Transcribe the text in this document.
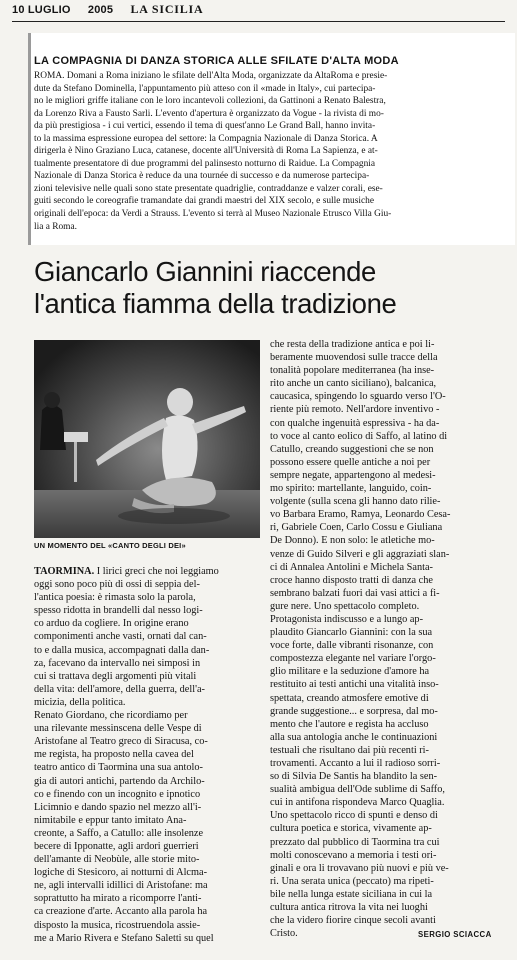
10 LUGLIO 2005 LA SICILIA
LA COMPAGNIA DI DANZA STORICA ALLE SFILATE D'ALTA MODA
ROMA. Domani a Roma iniziano le sfilate dell'Alta Moda, organizzate da AltaRoma e presie-
dute da Stefano Dominella, l'appuntamento più atteso con il «made in Italy», cui partecipa-
no le migliori griffe italiane con le loro incantevoli collezioni, da Gattinoni a Renato Balestra,
da Lorenzo Riva a Fausto Sarli. L'evento d'apertura è organizzato da Vogue - la rivista di mo-
da più prestigiosa - i cui vertici, essendo il tema di quest'anno Le Grand Ball, hanno invita-
to la massima espressione europea del settore: la Compagnia Nazionale di Danza Storica. A
dirigerla è Nino Graziano Luca, catanese, docente all'Università di Roma La Sapienza, e at-
tualmente presentatore di due programmi del palinsesto notturno di Raidue. La Compagnia
Nazionale di Danza Storica è reduce da una tournée di successo e da numerose partecipa-
zioni televisive nelle quali sono state presentate quadriglie, contraddanze e valzer corali, ese-
guiti secondo le coreografie tramandate dai grandi maestri del XIX secolo, e sulle musiche
originali dell'epoca: da Verdi a Strauss. L'evento si terrà al Museo Nazionale Etrusco Villa Giu-
lia a Roma.
Giancarlo Giannini riaccende
l'antica fiamma della tradizione
UN MOMENTO DEL «CANTO DEGLI DEI»
TAORMINA. I lirici greci che noi leggiamo
oggi sono poco più di ossi di seppia del-
l'antica poesia: è rimasta solo la parola,
spesso ridotta in brandelli dal nesso logi-
co arduo da cogliere. In origine erano
componimenti anche vasti, ornati dal can-
to e dalla musica, accompagnati dalla dan-
za, facevano da intervallo nei simposi in
cui si trattava degli argomenti più vitali
della vita: dell'amore, della guerra, dell'a-
micizia, della politica.
Renato Giordano, che ricordiamo per
una rilevante messinscena delle Vespe di
Aristofane al Teatro greco di Siracusa, co-
me regista, ha proposto nella cavea del
teatro antico di Taormina una sua antolo-
gia di autori antichi, partendo da Archilo-
co e finendo con un incognito e ipnotico
Licimnio e dando spazio nel mezzo all'i-
nimitabile e eppur tanto imitato Ana-
creonte, a Saffo, a Catullo: alle insolenze
becere di Ipponatte, agli ardori guerrieri
dell'amante di Neobùle, alle storie mito-
logiche di Stesicoro, ai notturni di Alcma-
ne, agli intervalli idillici di Aristofane: ma
soprattutto ha mirato a ricomporre l'anti-
ca creazione d'arte. Accanto alla parola ha
disposto la musica, ricostruendola assie-
me a Mario Rivera e Stefano Saletti su quel
che resta della tradizione antica e poi li-
beramente muovendosi sulle tracce della
tonalità popolare mediterranea (ha inse-
rito anche un canto siciliano), balcanica,
caucasica, spingendo lo sguardo verso l'O-
riente più remoto. Nell'ardore inventivo -
con qualche ingenuità espressiva - ha da-
to voce al canto eolico di Saffo, al latino di
Catullo, creando suggestioni che se non
possono essere quelle antiche a noi per
sempre negate, appartengono al medesi-
mo spirito: martellante, languido, coin-
volgente (sulla scena gli hanno dato rilie-
vo Barbara Eramo, Ramya, Leonardo Cesa-
ri, Gabriele Coen, Carlo Cossu e Giuliana
De Donno). E non solo: le atletiche mo-
venze di Guido Silveri e gli aggraziati slan-
ci di Annalea Antolini e Michela Santa-
croce hanno disposto tratti di danza che
sembrano balzati fuori dai vasi attici a fi-
gure nere. Uno spettacolo completo.
Protagonista indiscusso e a lungo ap-
plaudito Giancarlo Giannini: con la sua
voce forte, dalle vibranti risonanze, con
compostezza elegante nel variare l'orgo-
glio militare e la seduzione d'amore ha
restituito ai testi antichi una vitalità inso-
spettata, creando atmosfere emotive di
grande suggestione... e sorpresa, dal mo-
mento che l'autore e regista ha accluso
alla sua antologia anche le continuazioni
testuali che risultano dai più recenti ri-
trovamenti. Accanto a lui il radioso sorri-
so di Silvia De Santis ha blandito la sen-
sualità ambigua dell'Ode sublime di Saffo,
cui in antifona rispondeva Marco Quaglia.
Uno spettacolo ricco di spunti e denso di
cultura poetica e storica, vivamente ap-
prezzato dal pubblico di Taormina tra cui
molti conoscevano a memoria i testi ori-
ginali e ora li trovavano più nuovi e più ve-
ri. Una serata unica (peccato) ma ripeti-
bile nella lunga estate siciliana in cui la
cultura antica ritrova la vita nei luoghi
che la videro fiorire cinque secoli avanti
Cristo.	SERGIO SCIACCA
